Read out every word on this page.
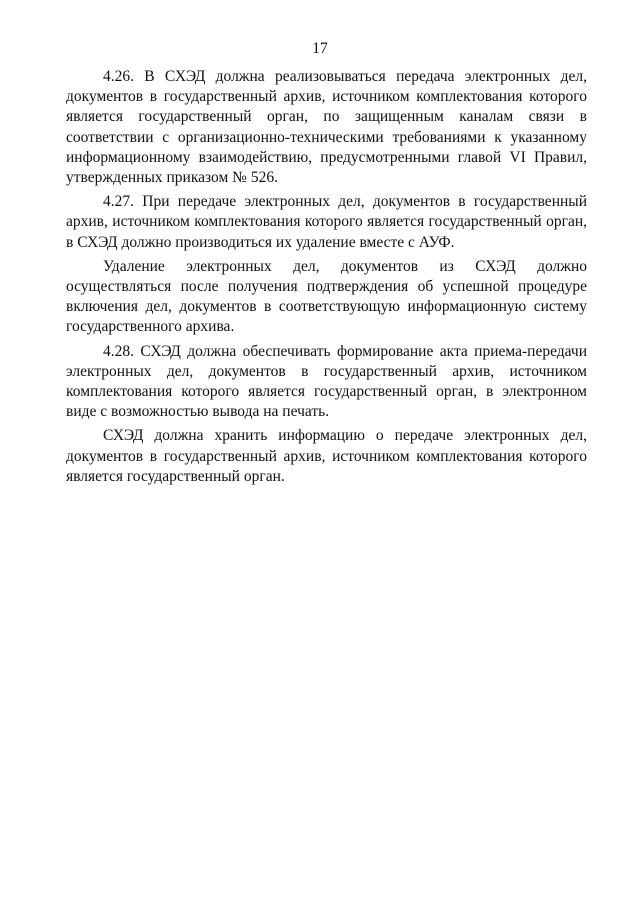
17

4.26. В СХЭД должна реализовываться передача электронных дел, документов в государственный архив, источником комплектования которого является государственный орган, по защищенным каналам связи в соответствии с организационно-техническими требованиями к указанному информационному взаимодействию, предусмотренными главой VI Правил, утвержденных приказом № 526.

4.27. При передаче электронных дел, документов в государственный архив, источником комплектования которого является государственный орган, в СХЭД должно производиться их удаление вместе с АУФ.

Удаление электронных дел, документов из СХЭД должно осуществляться после получения подтверждения об успешной процедуре включения дел, документов в соответствующую информационную систему государственного архива.

4.28. СХЭД должна обеспечивать формирование акта приема-передачи электронных дел, документов в государственный архив, источником комплектования которого является государственный орган, в электронном виде с возможностью вывода на печать.

СХЭД должна хранить информацию о передаче электронных дел, документов в государственный архив, источником комплектования которого является государственный орган.
